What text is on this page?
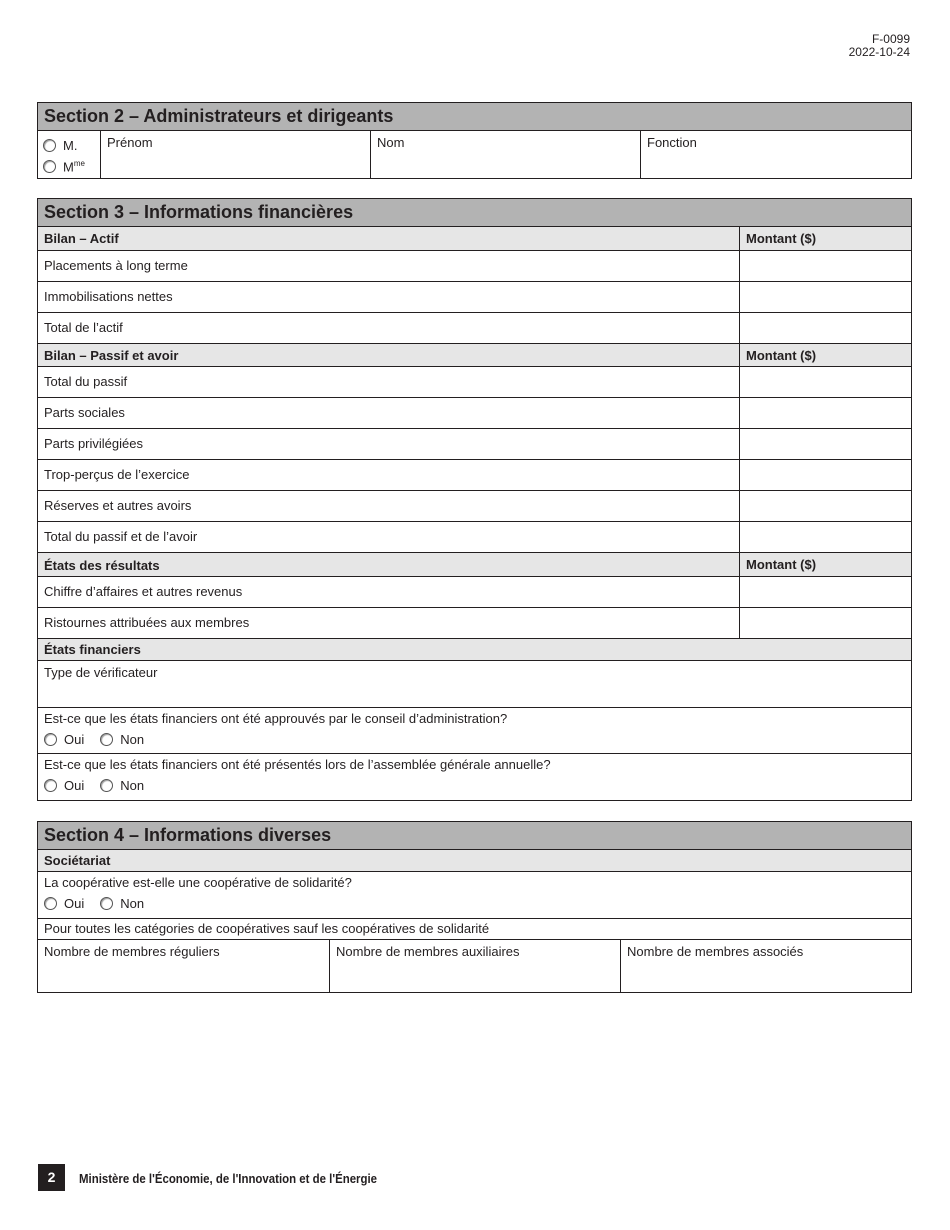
F-0099
2022-10-24
Section 2 – Administrateurs et dirigeants
M.
$M^{me}$
Prénom	Nom	Fonction
Section 3 – Informations financières
Bilan – Actif	Montant ($)
Placements à long terme
Immobilisations nettes
Total de l’actif
Bilan – Passif et avoir	Montant ($)
Total du passif
Parts sociales
Parts privilégiées
Trop-perçus de l’exercice
Réserves et autres avoirs
Total du passif et de l’avoir
États des résultats	Montant ($)
Chiffre d’affaires et autres revenus
Ristournes attribuées aux membres
États financiers
Type de vérificateur
Est-ce que les états financiers ont été approuvés par le conseil d’administration?
Oui	Non
Est-ce que les états financiers ont été présentés lors de l’assemblée générale annuelle?
Oui	Non
Section 4 – Informations diverses
Sociétariat
La coopérative est-elle une coopérative de solidarité?
Oui	Non
Pour toutes les catégories de coopératives sauf les coopératives de solidarité
Nombre de membres réguliers	Nombre de membres auxiliaires	Nombre de membres associés
2	Ministère de l'Économie, de l'Innovation et de l'Énergie
